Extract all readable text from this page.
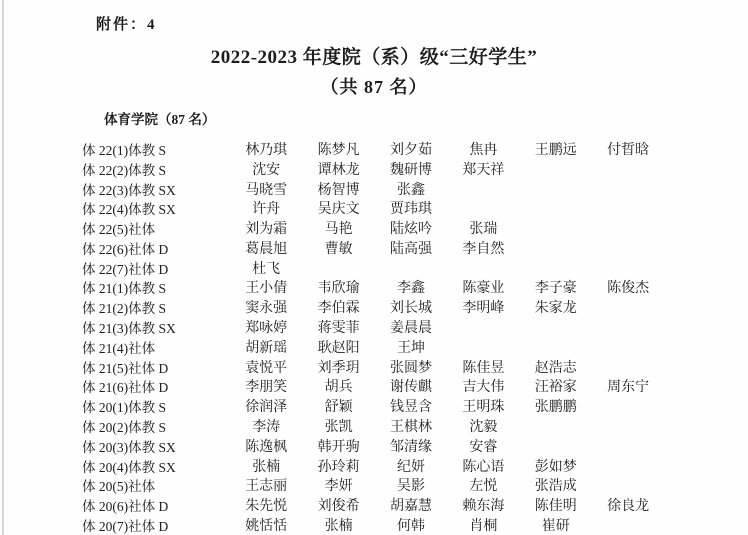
附件：4
2022-2023 年度院（系）级“三好学生”
（共 87 名）
体育学院（87 名）
体 22(1)体教 S	林乃琪	陈梦凡	刘夕茹	焦冉	王鹏远	付晢晗
体 22(2)体教 S	沈安	谭林龙	魏研博	郑天祥
体 22(3)体教 SX	马晓雪	杨智博	张鑫
体 22(4)体教 SX	许舟	吴庆文	贾玮琪
体 22(5)社体	刘为霜	马艳	陆炫吟	张瑞
体 22(6)社体 D	葛晨旭	曹敏	陆高强	李自然
体 22(7)社体 D	杜飞
体 21(1)体教 S	王小倩	韦欣瑜	李鑫	陈豪业	李子豪	陈俊杰
体 21(2)体教 S	窦永强	李伯霖	刘长城	李明峰	朱家龙
体 21(3)体教 SX	郑咏婷	蒋雯菲	姜晨晨
体 21(4)社体	胡新瑶	耿赵阳	王坤
体 21(5)社体 D	袁悦平	刘季玥	张圆梦	陈佳昱	赵浩志
体 21(6)社体 D	李朋笑	胡兵	谢传麒	吉大伟	汪裕家	周东宁
体 20(1)体教 S	徐润泽	舒颖	钱昱含	王明珠	张鹏鹏
体 20(2)体教 S	李涛	张凯	王棋林	沈毅
体 20(3)体教 SX	陈逸枫	韩开驹	邹清缘	安睿
体 20(4)体教 SX	张楠	孙玲莉	纪妍	陈心语	彭如梦
体 20(5)社体	王志丽	李妍	吴影	左悦	张浩成
体 20(6)社体 D	朱先悦	刘俊希	胡嘉慧	赖东海	陈佳明	徐良龙
体 20(7)社体 D	姚恬恬	张楠	何韩	肖桐	崔研
